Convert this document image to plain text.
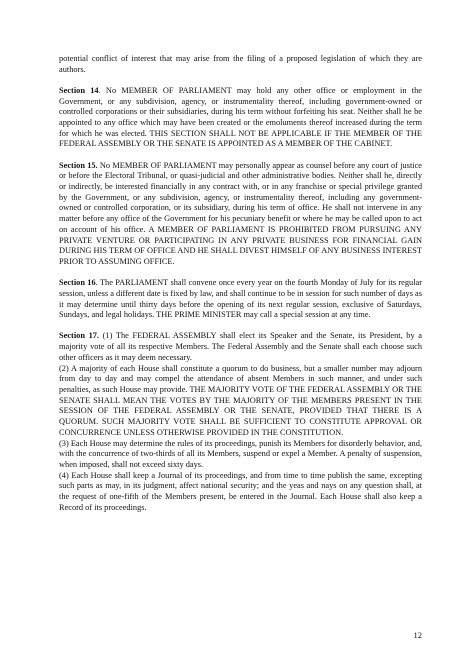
potential conflict of interest that may arise from the filing of a proposed legislation of which they are authors.

Section 14. No MEMBER OF PARLIAMENT may hold any other office or employment in the Government, or any subdivision, agency, or instrumentality thereof, including government-owned or controlled corporations or their subsidiaries, during his term without forfeiting his seat. Neither shall he be appointed to any office which may have been created or the emoluments thereof increased during the term for which he was elected. THIS SECTION SHALL NOT BE APPLICABLE IF THE MEMBER OF THE FEDERAL ASSEMBLY OR THE SENATE IS APPOINTED AS A MEMBER OF THE CABINET.

Section 15. No MEMBER OF PARLIAMENT may personally appear as counsel before any court of justice or before the Electoral Tribunal, or quasi-judicial and other administrative bodies. Neither shall he, directly or indirectly, be interested financially in any contract with, or in any franchise or special privilege granted by the Government, or any subdivision, agency, or instrumentality thereof, including any government-owned or controlled corporation, or its subsidiary, during his term of office. He shall not intervene in any matter before any office of the Government for his pecuniary benefit or where he may be called upon to act on account of his office. A MEMBER OF PARLIAMENT IS PROHIBITED FROM PURSUING ANY PRIVATE VENTURE OR PARTICIPATING IN ANY PRIVATE BUSINESS FOR FINANCIAL GAIN DURING HIS TERM OF OFFICE AND HE SHALL DIVEST HIMSELF OF ANY BUSINESS INTEREST PRIOR TO ASSUMING OFFICE.

Section 16. The PARLIAMENT shall convene once every year on the fourth Monday of July for its regular session, unless a different date is fixed by law, and shall continue to be in session for such number of days as it may determine until thirty days before the opening of its next regular session, exclusive of Saturdays, Sundays, and legal holidays. THE PRIME MINISTER may call a special session at any time.

Section 17. (1) The FEDERAL ASSEMBLY shall elect its Speaker and the Senate, its President, by a majority vote of all its respective Members. The Federal Assembly and the Senate shall each choose such other officers as it may deem necessary.

(2) A majority of each House shall constitute a quorum to do business, but a smaller number may adjourn from day to day and may compel the attendance of absent Members in such manner, and under such penalties, as such House may provide. THE MAJORITY VOTE OF THE FEDERAL ASSEMBLY OR THE SENATE SHALL MEAN THE VOTES BY THE MAJORITY OF THE MEMBERS PRESENT IN THE SESSION OF THE FEDERAL ASSEMBLY OR THE SENATE, PROVIDED THAT THERE IS A QUORUM. SUCH MAJORITY VOTE SHALL BE SUFFICIENT TO CONSTITUTE APPROVAL OR CONCURRENCE UNLESS OTHERWISE PROVIDED IN THE CONSTITUTION.

(3) Each House may determine the rules of its proceedings, punish its Members for disorderly behavior, and, with the concurrence of two-thirds of all its Members, suspend or expel a Member. A penalty of suspension, when imposed, shall not exceed sixty days.

(4) Each House shall keep a Journal of its proceedings, and from time to time publish the same, excepting such parts as may, in its judgment, affect national security; and the yeas and nays on any question shall, at the request of one-fifth of the Members present, be entered in the Journal. Each House shall also keep a Record of its proceedings.

12
